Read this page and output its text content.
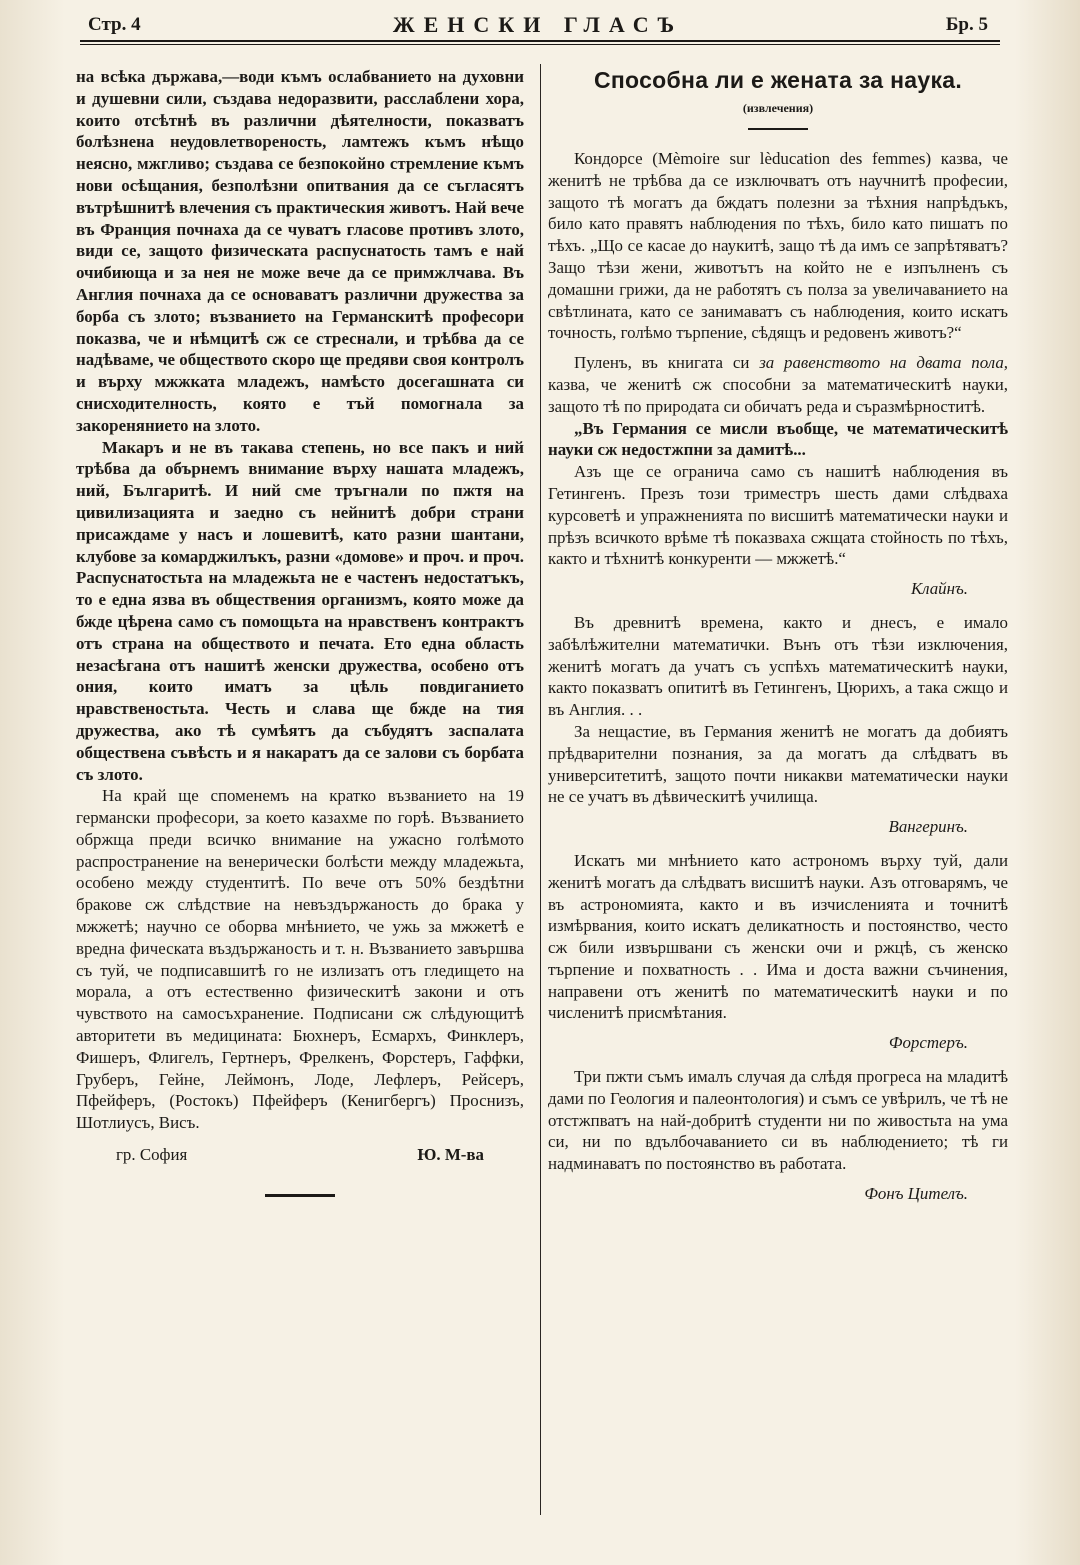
Стр. 4	ЖЕНСКИ ГЛАСЪ	Бр. 5

на всѣка държава,—води къмъ ослабванието на духовни и душевни сили, създава недоразвити, расслаблени хора, които отсѣтнѣ въ различни дѣятелности, показватъ болѣзнена неудовлетвореность, ламтежъ къмъ нѣщо неясно, мжгливо; създава се безпокойно стремление къмъ нови осѣщания, безполѣзни опитвания да се съгласятъ вътрѣшнитѣ влечения съ практическия животъ. Най вече въ Франция почнаха да се чуватъ гласове противъ злото, види се, защото физическата распуснатость тамъ е най очибиюща и за нея не може вече да се примжлчава. Въ Англия почнаха да се основаватъ различни дружества за борба съ злото; възванието на Германскитѣ професори показва, че и нѣмцитѣ сж се стреснали, и трѣбва да се надѣваме, че обществото скоро ще предяви своя контролъ и върху мжжката младежъ, намѣсто досегашната си снисходителность, която е тъй помогнала за закоренянието на злото.

Макаръ и не въ такава степень, но все пакъ и ний трѣбва да обърнемъ внимание върху нашата младежъ, ний, Българитѣ. И ний сме тръгнали по пжтя на цивилизацията и заедно съ нейнитѣ добри страни присаждаме у насъ и лошевитѣ, като разни шантани, клубове за комарджилъкъ, разни «домове» и проч. и проч. Распуснатостьта на младежьта не е частенъ недостатъкъ, то е една язва въ обществения организмъ, която може да бжде цѣрена само съ помощьта на нравственъ контрактъ отъ страна на обществото и печата. Ето една область незасѣгана отъ нашитѣ женски дружества, особено отъ ония, които иматъ за цѣль повдиганието нравственостьта. Честь и слава ще бжде на тия дружества, ако тѣ сумѣятъ да събудятъ заспалата обществена съвѣсть и я накаратъ да се залови съ борбата съ злото.

На край ще споменемъ на кратко възванието на 19 германски професори, за което казахме по горѣ. Възванието обржща преди всичко внимание на ужасно голѣмото распространение на венерически болѣсти между младежьта, особено между студентитѣ. По вече отъ 50% бездѣтни бракове сж слѣдствие на невъздържаность до брака у мжжетѣ; научно се оборва мнѣнието, че ужь за мжжетѣ е вредна фическата въздържаность и т. н. Възванието завършва съ туй, че подписавшитѣ го не излизатъ отъ гледището на морала, а отъ естественно физическитѣ закони и отъ чувството на самосъхранение. Подписани сж слѣдующитѣ авторитети въ медицината: Бюхнеръ, Есмархъ, Финклеръ, Фишеръ, Флигелъ, Гертнеръ, Фрелкенъ, Форстеръ, Гаффки, Груберъ, Гейне, Леймонъ, Лоде, Лефлеръ, Рейсеръ, Пфейферъ, (Ростокъ) Пфейферъ (Кенигбергъ) Проснизъ, Шотлиусъ, Висъ.

гр. София	Ю. М-ва
Способна ли е жената за наука.
(извлечения)

Кондорсе (Mèmoire sur lèducation des femmes) казва, че женитѣ не трѣбва да се изключватъ отъ научнитѣ професии, защото тѣ могатъ да бждатъ полезни за тѣхния напрѣдъкъ, било като правятъ наблюдения по тѣхъ, било като пишатъ по тѣхъ. „Що се касае до наукитѣ, защо тѣ да имъ се запрѣтяватъ? Защо тѣзи жени, животътъ на който не е изпълненъ съ домашни грижи, да не работятъ съ полза за увеличаванието на свѣтлината, като се занимаватъ съ наблюдения, които искатъ точность, голѣмо търпение, сѣдящъ и редовенъ животъ?“

Пуленъ, въ книгата си за равенството на двата пола, казва, че женитѣ сж способни за математическитѣ науки, защото тѣ по природата си обичатъ реда и съразмѣрноститѣ.

„Въ Германия се мисли въобще, че математическитѣ науки сж недостжпни за дамитѣ...

Азъ ще се огранича само съ нашитѣ наблюдения въ Гетингенъ. Презъ този триместръ шесть дами слѣдваха курсоветѣ и упражненията по висшитѣ математически науки и прѣзъ всичкото врѣме тѣ показваха сжщата стойность по тѣхъ, както и тѣхнитѣ конкуренти — мжжетѣ.“

Клайнъ.

Въ древнитѣ времена, както и днесъ, е имало забѣлѣжителни математички. Вънъ отъ тѣзи изключения, женитѣ могатъ да учатъ съ успѣхъ математическитѣ науки, както показватъ опититѣ въ Гетингенъ, Цюрихъ, а така сжщо и въ Англия. . .

За нещастие, въ Германия женитѣ не могатъ да добиятъ прѣдварителни познания, за да могатъ да слѣдватъ въ университетитѣ, защото почти никакви математически науки не се учатъ въ дѣвическитѣ училища.

Вангеринъ.

Искатъ ми мнѣнието като астрономъ върху туй, дали женитѣ могатъ да слѣдватъ висшитѣ науки. Азъ отговарямъ, че въ астрономията, както и въ изчисленията и точнитѣ измѣрвания, които искатъ деликатность и постоянство, често сж били извършвани съ женски очи и ржцѣ, съ женско търпение и похватность . . Има и доста важни съчинения, направени отъ женитѣ по математическитѣ науки и по численитѣ присмѣтания.

Форстеръ.

Три пжти съмъ ималъ случая да слѣдя прогреса на младитѣ дами по Геология и палеонтология) и съмъ се увѣрилъ, че тѣ не отстжпватъ на най-добритѣ студенти ни по живостьта на ума си, ни по вдълбочаванието си въ наблюдението; тѣ ги надминаватъ по постоянство въ работата.

Фонъ Цителъ.
